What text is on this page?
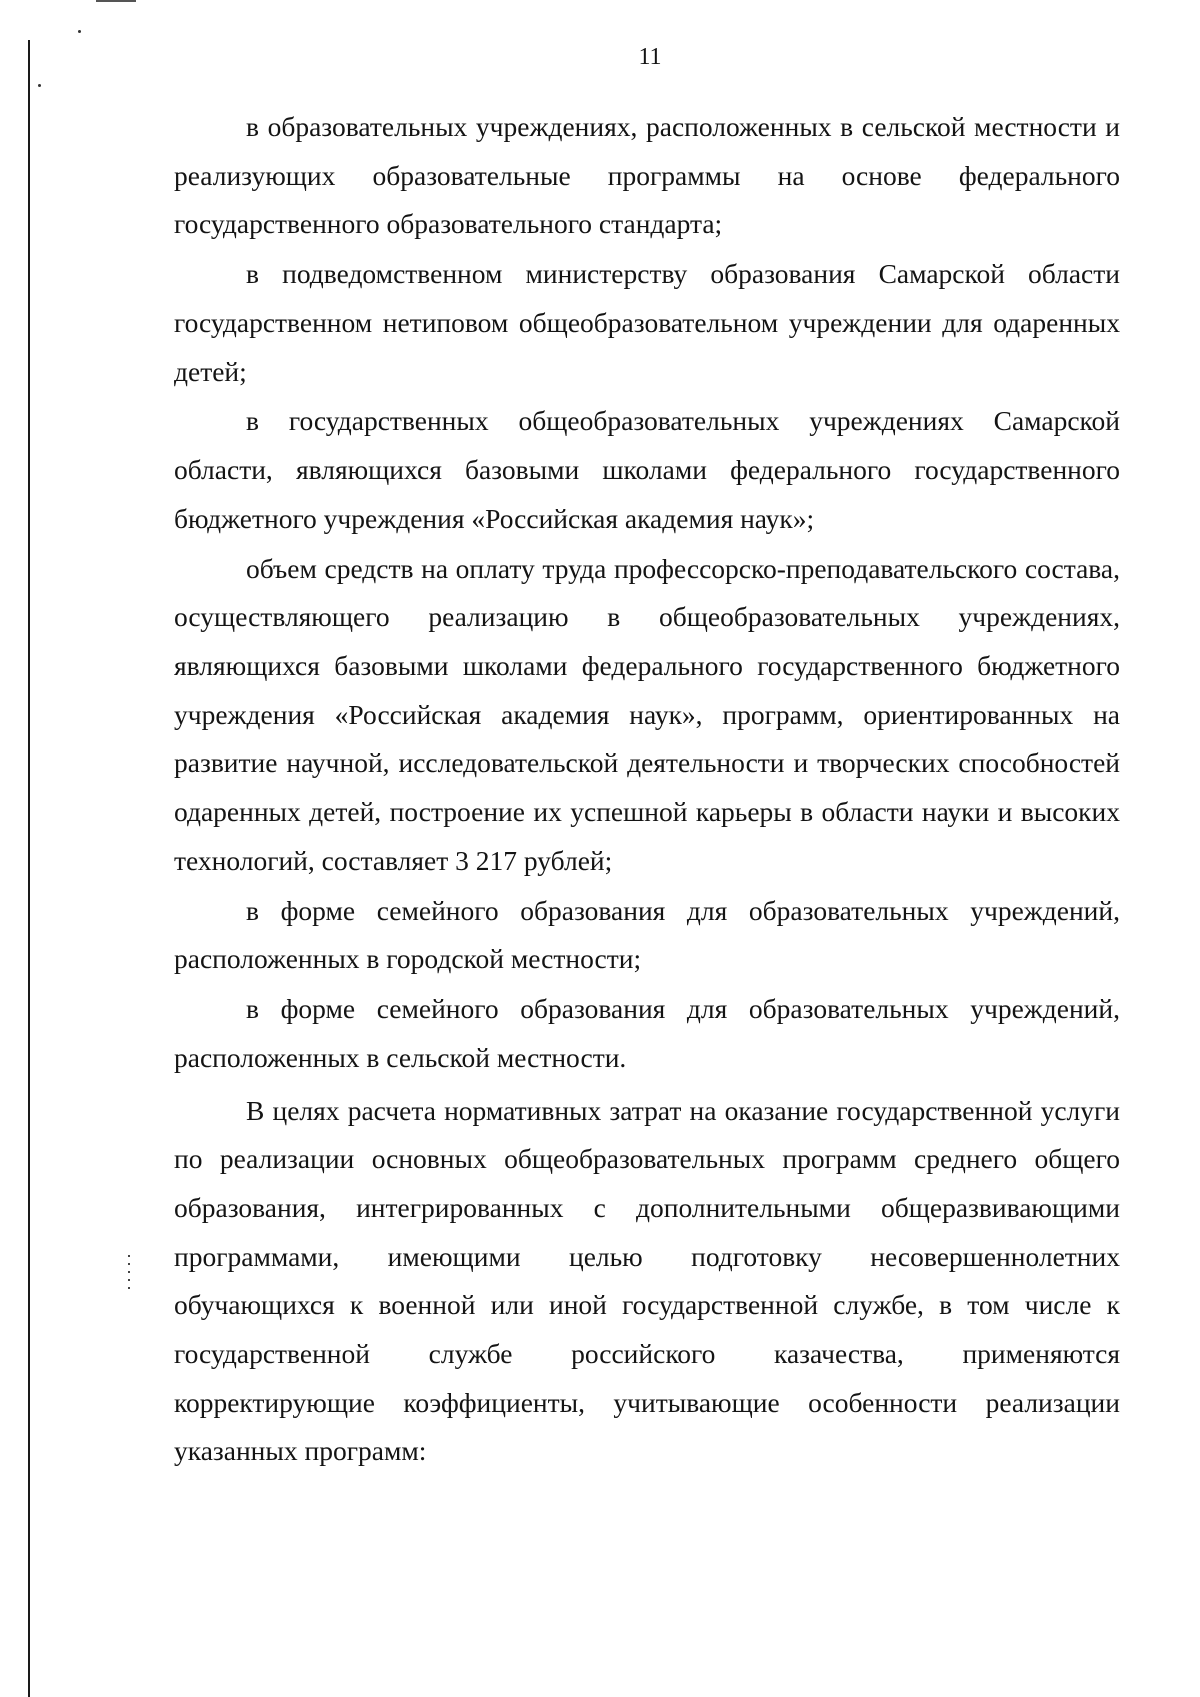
11

в образовательных учреждениях, расположенных в сельской местности и реализующих образовательные программы на основе федерального государственного образовательного стандарта;

в подведомственном министерству образования Самарской области государственном нетиповом общеобразовательном учреждении для одаренных детей;

в государственных общеобразовательных учреждениях Самарской области, являющихся базовыми школами федерального государственного бюджетного учреждения «Российская академия наук»;

объем средств на оплату труда профессорско-преподавательского состава, осуществляющего реализацию в общеобразовательных учреждениях, являющихся базовыми школами федерального государственного бюджетного учреждения «Российская академия наук», программ, ориентированных на развитие научной, исследовательской деятельности и творческих способностей одаренных детей, построение их успешной карьеры в области науки и высоких технологий, составляет 3 217 рублей;

в форме семейного образования для образовательных учреждений, расположенных в городской местности;

в форме семейного образования для образовательных учреждений, расположенных в сельской местности.

В целях расчета нормативных затрат на оказание государственной услуги по реализации основных общеобразовательных программ среднего общего образования, интегрированных с дополнительными общеразвивающими программами, имеющими целью подготовку несовершеннолетних обучающихся к военной или иной государственной службе, в том числе к государственной службе российского казачества, применяются корректирующие коэффициенты, учитывающие особенности реализации указанных программ:
